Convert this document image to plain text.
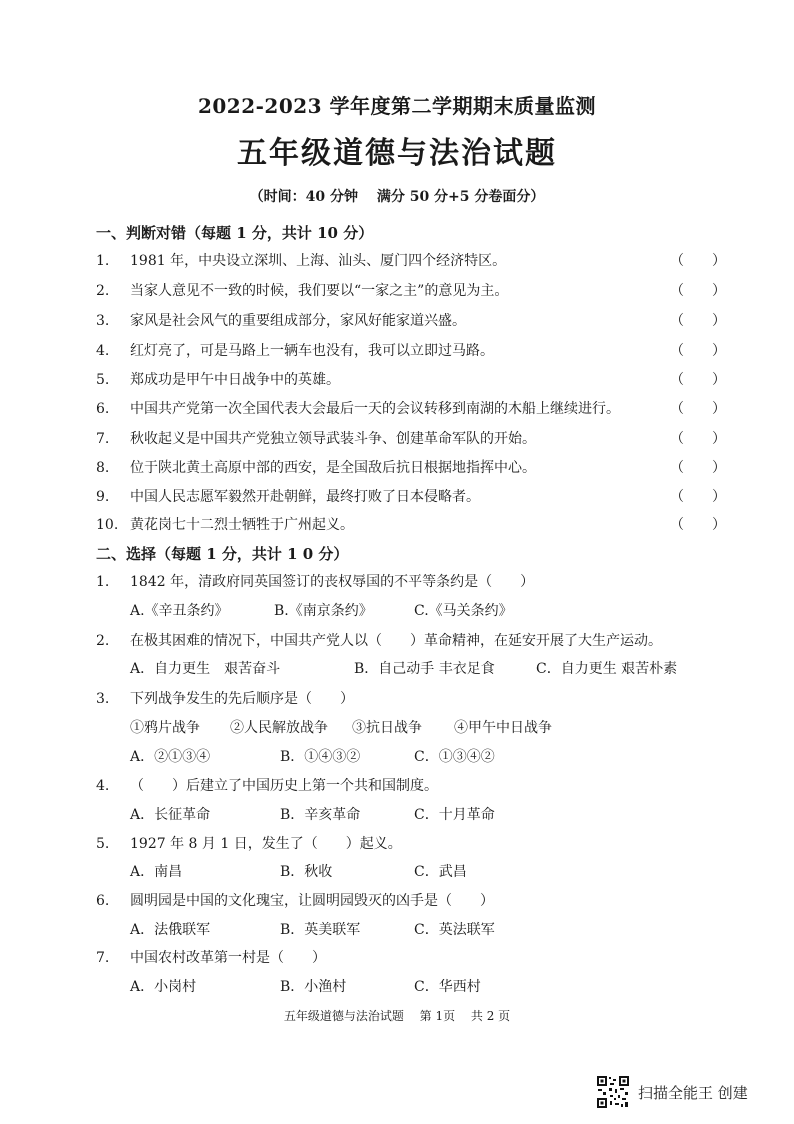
2022-2023 学年度第二学期期末质量监测
五年级道德与法治试题
（时间：40 分钟　 满分 50 分+5 分卷面分）
一、判断对错（每题 1 分，共计 10 分）
1. 1981 年，中央设立深圳、上海、汕头、厦门四个经济特区。	（　　）
2. 当家人意见不一致的时候，我们要以“一家之主”的意见为主。	（　　）
3. 家风是社会风气的重要组成部分，家风好能家道兴盛。	（　　）
4. 红灯亮了，可是马路上一辆车也没有，我可以立即过马路。	（　　）
5. 郑成功是甲午中日战争中的英雄。	（　　）
6. 中国共产党第一次全国代表大会最后一天的会议转移到南湖的木船上继续进行。	（　　）
7. 秋收起义是中国共产党独立领导武装斗争、创建革命军队的开始。	（　　）
8. 位于陕北黄土高原中部的西安，是全国敌后抗日根据地指挥中心。	（　　）
9. 中国人民志愿军毅然开赴朝鲜，最终打败了日本侵略者。	（　　）
10. 黄花岗七十二烈士牺牲于广州起义。	（　　）
二、选择（每题 1 分，共计 1 0 分）
1. 1842 年，清政府同英国签订的丧权辱国的不平等条约是（　　）
A.《辛丑条约》	B.《南京条约》	C.《马关条约》
2. 在极其困难的情况下，中国共产党人以（　　）革命精神，在延安开展了大生产运动。
A．自力更生　艰苦奋斗	B．自己动手 丰衣足食	C．自力更生 艰苦朴素
3. 下列战争发生的先后顺序是（　　）
①鸦片战争 ②人民解放战争 ③抗日战争 ④甲午中日战争
A．②①③④	B．①④③②	C．①③④②
4. （　　）后建立了中国历史上第一个共和国制度。
A．长征革命	B．辛亥革命	C．十月革命
5. 1927 年 8 月 1 日，发生了（　　）起义。
A．南昌	B．秋收	C．武昌
6. 圆明园是中国的文化瑰宝，让圆明园毁灭的凶手是（　　）
A．法俄联军	B．英美联军	C．英法联军
7. 中国农村改革第一村是（　　）
A．小岗村	B．小渔村	C．华西村
五年级道德与法治试题　 第 1页　 共 2 页
扫描全能王 创建
